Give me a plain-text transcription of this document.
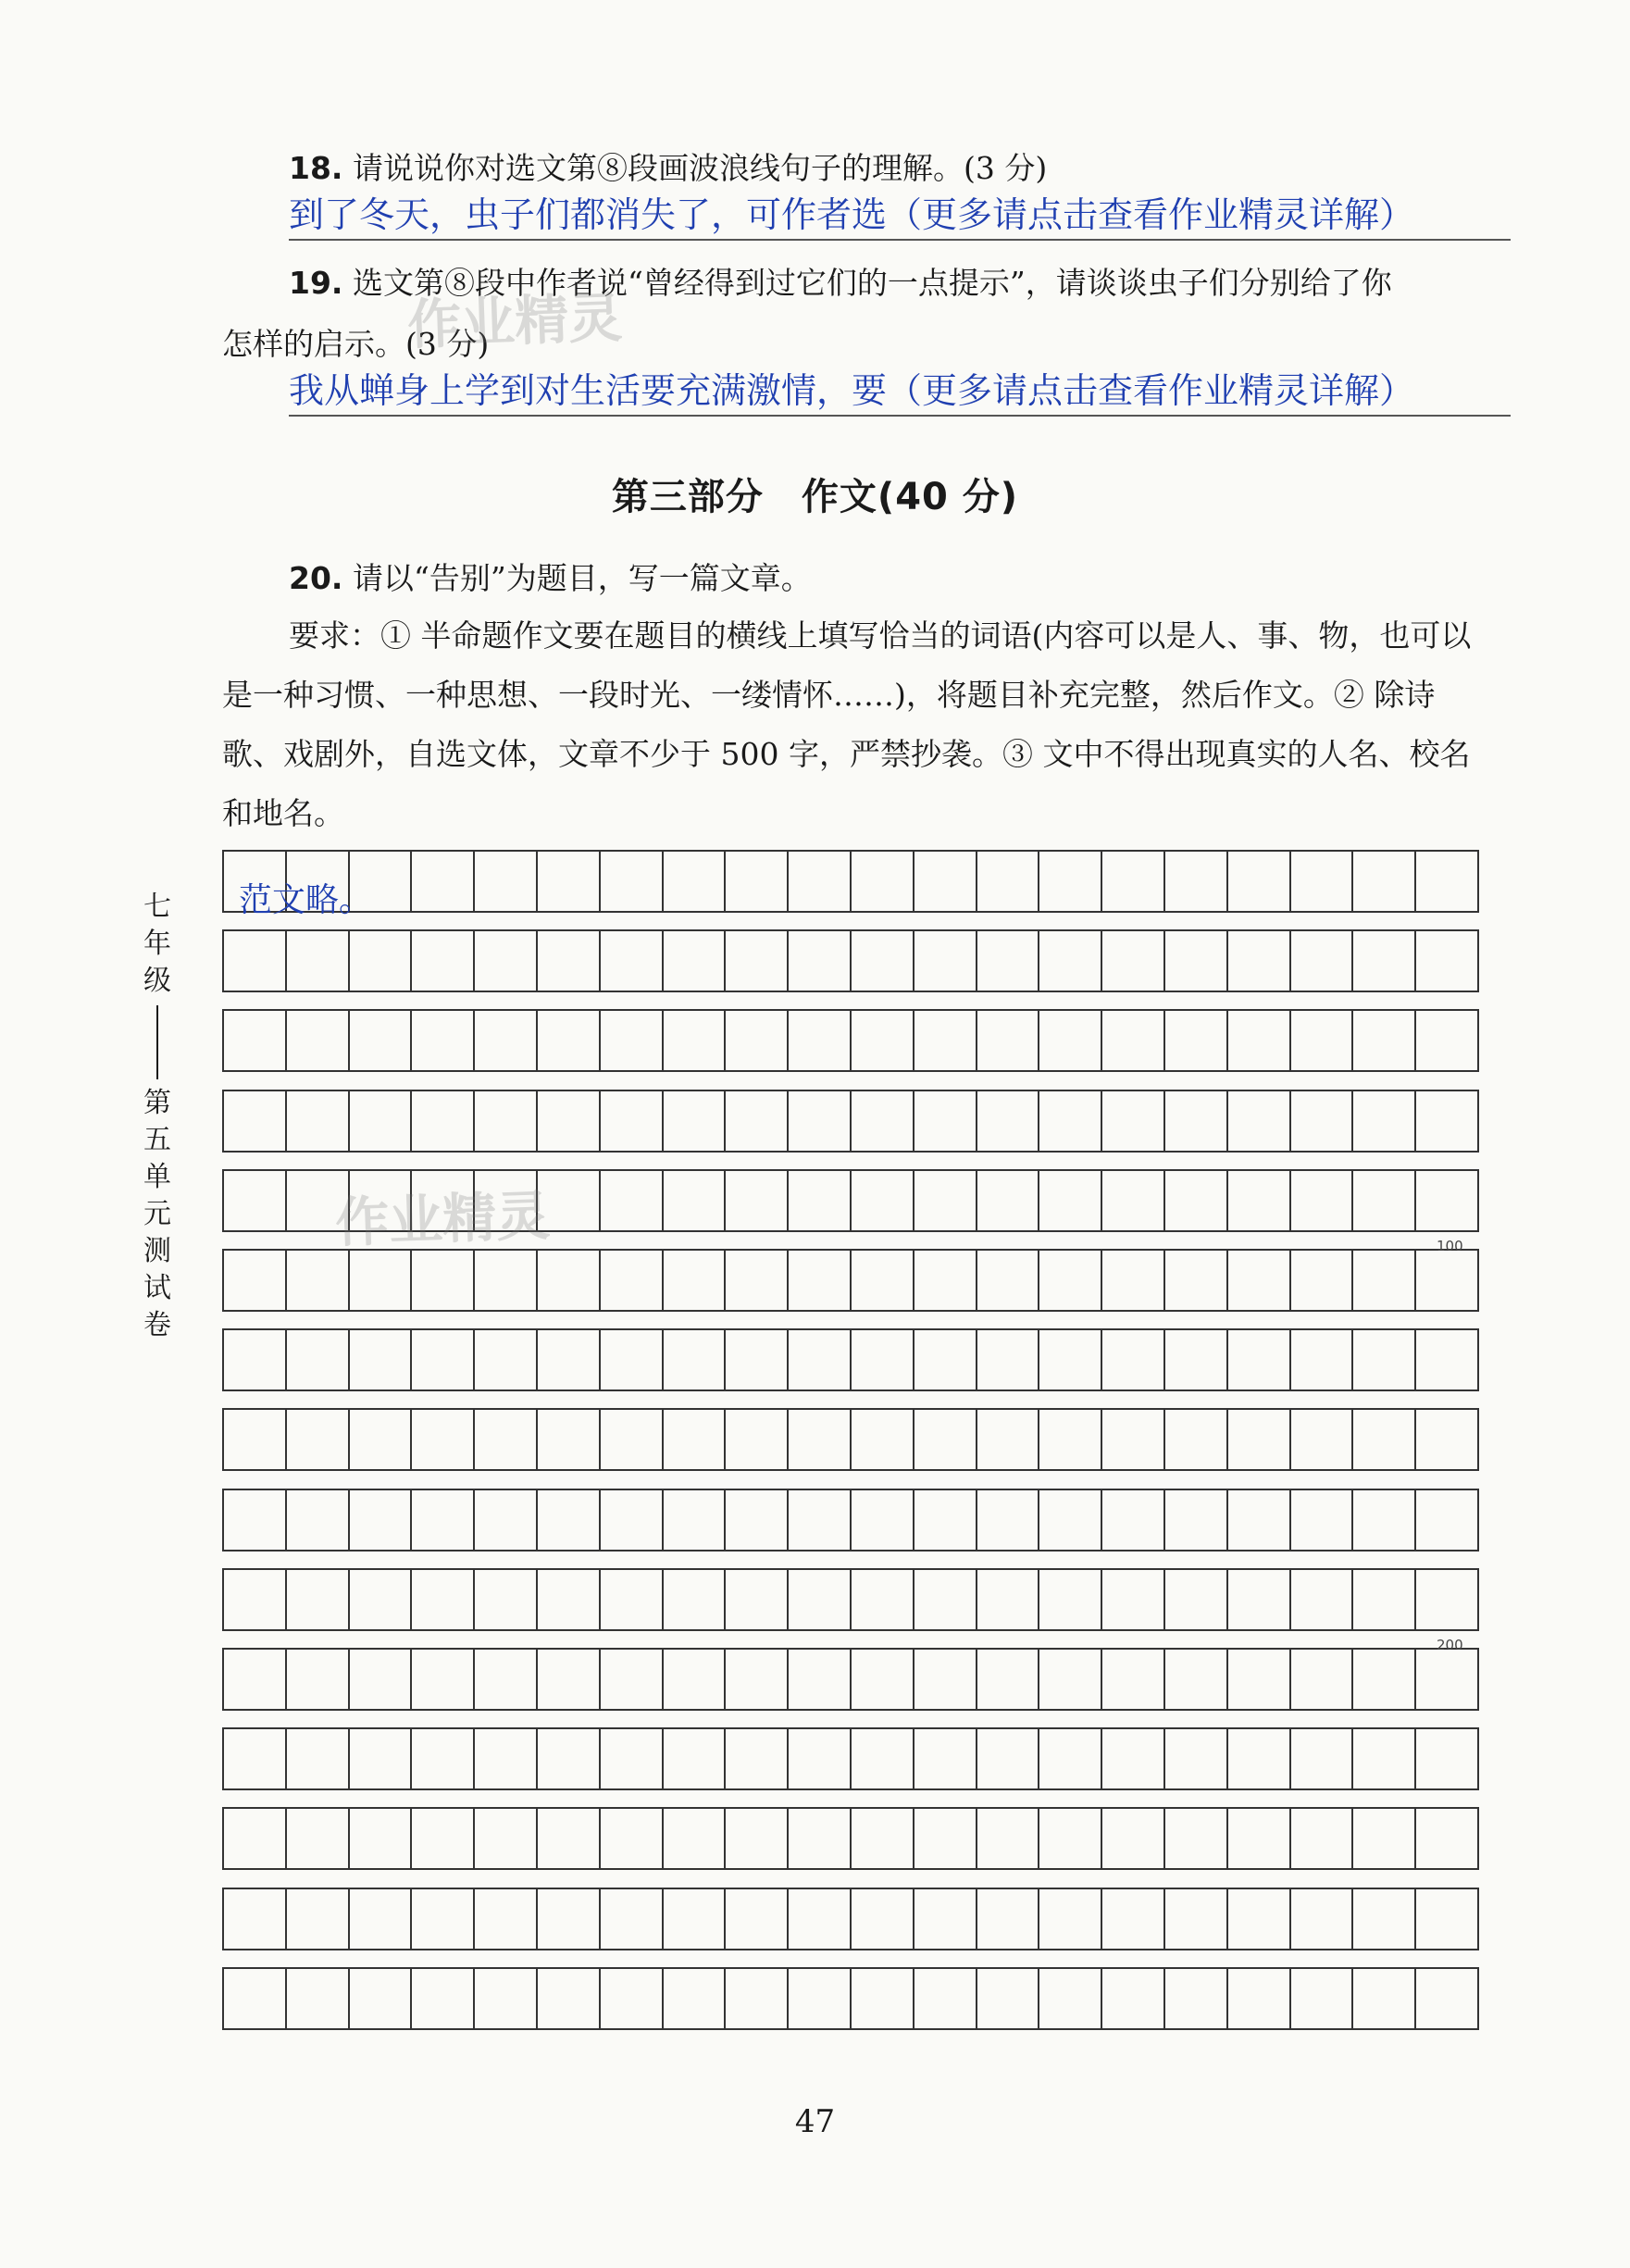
18. 请说说你对选文第⑧段画波浪线句子的理解。(3 分)
到了冬天，虫子们都消失了，可作者选（更多请点击查看作业精灵详解）
19. 选文第⑧段中作者说“曾经得到过它们的一点提示”，请谈谈虫子们分别给了你
怎样的启示。(3 分)
我从蝉身上学到对生活要充满激情，要（更多请点击查看作业精灵详解）
第三部分　作文(40 分)
20. 请以“告别”为题目，写一篇文章。
要求：① 半命题作文要在题目的横线上填写恰当的词语(内容可以是人、事、物，也可以是一种习惯、一种思想、一段时光、一缕情怀……)，将题目补充完整，然后作文。② 除诗歌、戏剧外，自选文体，文章不少于 500 字，严禁抄袭。③ 文中不得出现真实的人名、校名和地名。
范文略。
100
200
七
年
级
第
五
单
元
测
试
卷
作业精灵
作业精灵
47
